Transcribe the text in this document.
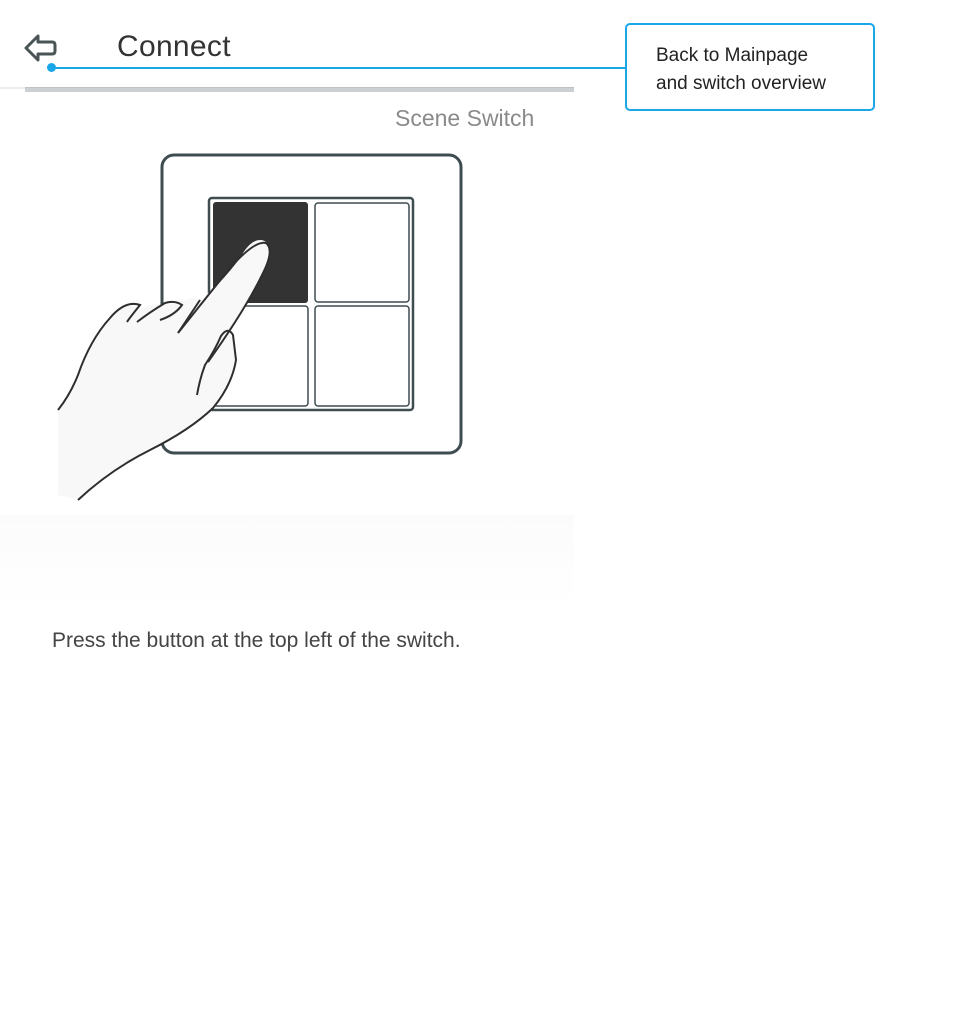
Connect
Scene Switch
Press the button at the top left of the switch.
Back to Mainpage
and switch overview
